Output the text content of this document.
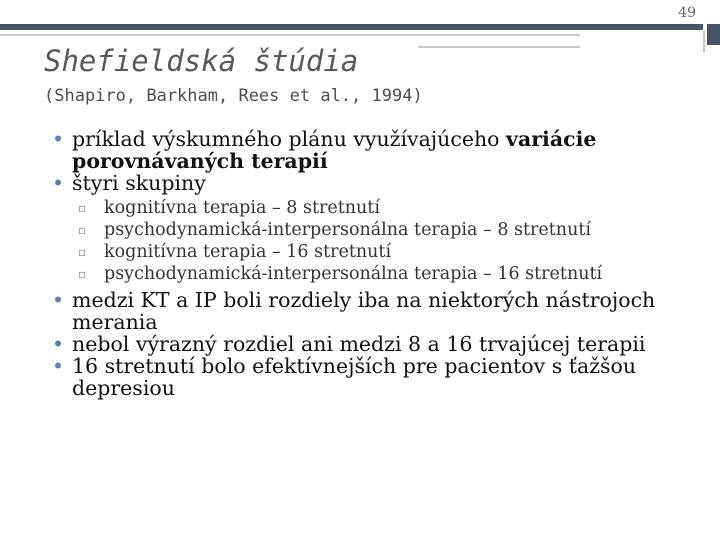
49
Shefieldská štúdia
(Shapiro, Barkham, Rees et al., 1994)
• príklad výskumného plánu využívajúceho variácie porovnávaných terapií
• štyri skupiny
▫ kognitívna terapia – 8 stretnutí
▫ psychodynamická-interpersonálna terapia – 8 stretnutí
▫ kognitívna terapia – 16 stretnutí
▫ psychodynamická-interpersonálna terapia – 16 stretnutí
• medzi KT a IP boli rozdiely iba na niektorých nástrojoch merania
• nebol výrazný rozdiel ani medzi 8 a 16 trvajúcej terapii
• 16 stretnutí bolo efektívnejších pre pacientov s ťažšou depresiou
